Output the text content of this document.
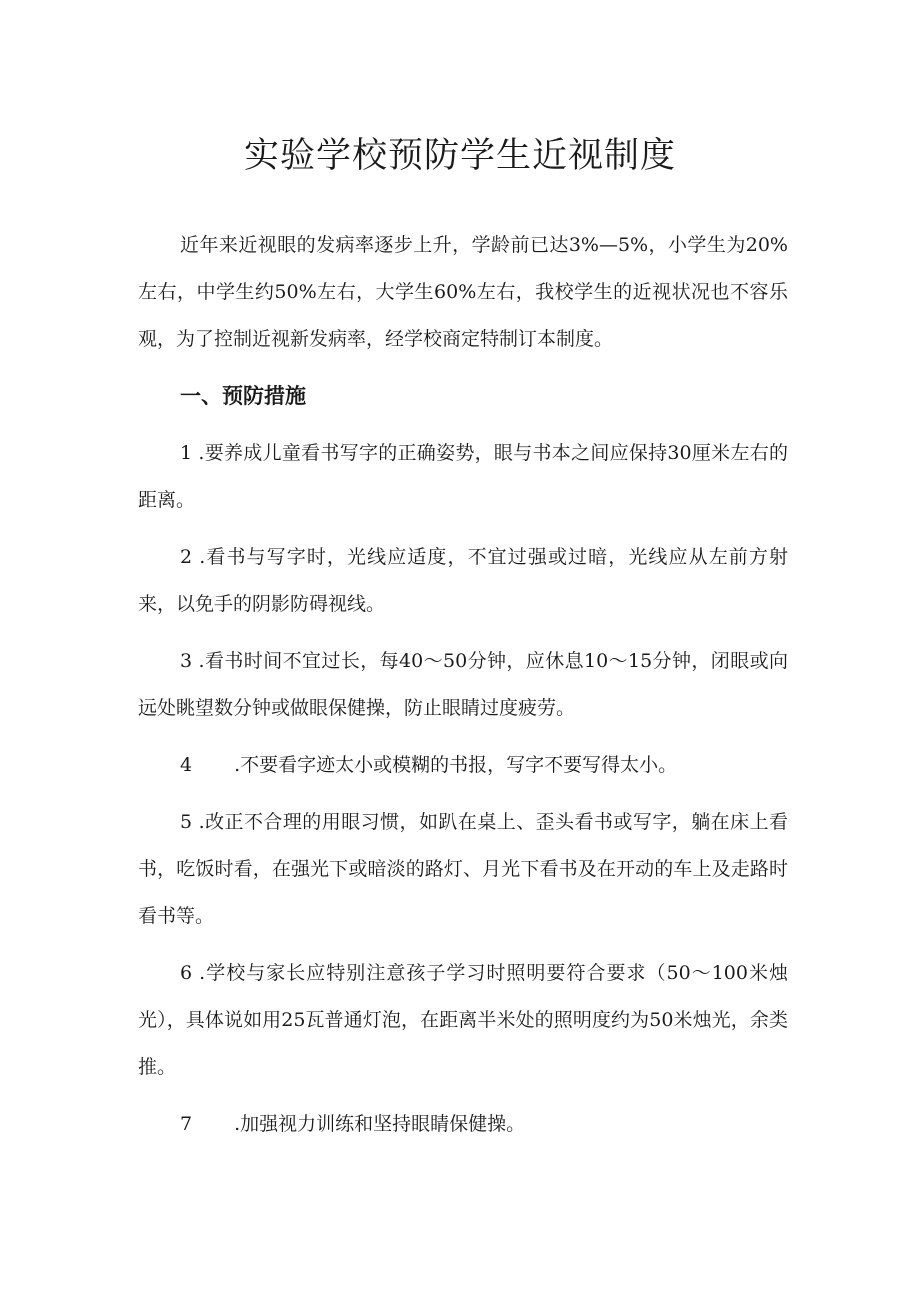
实验学校预防学生近视制度

近年来近视眼的发病率逐步上升，学龄前已达3%—5%，小学生为20%左右，中学生约50%左右，大学生60%左右，我校学生的近视状况也不容乐观，为了控制近视新发病率，经学校商定特制订本制度。

一、预防措施

1 .要养成儿童看书写字的正确姿势，眼与书本之间应保持30厘米左右的距离。

2 .看书与写字时，光线应适度，不宜过强或过暗，光线应从左前方射来，以免手的阴影防碍视线。

3 .看书时间不宜过长，每40～50分钟，应休息10～15分钟，闭眼或向远处眺望数分钟或做眼保健操，防止眼睛过度疲劳。

4 .不要看字迹太小或模糊的书报，写字不要写得太小。

5 .改正不合理的用眼习惯，如趴在桌上、歪头看书或写字，躺在床上看书，吃饭时看，在强光下或暗淡的路灯、月光下看书及在开动的车上及走路时看书等。

6 .学校与家长应特别注意孩子学习时照明要符合要求（50～100米烛光），具体说如用25瓦普通灯泡，在距离半米处的照明度约为50米烛光，余类推。

7 .加强视力训练和坚持眼睛保健操。
